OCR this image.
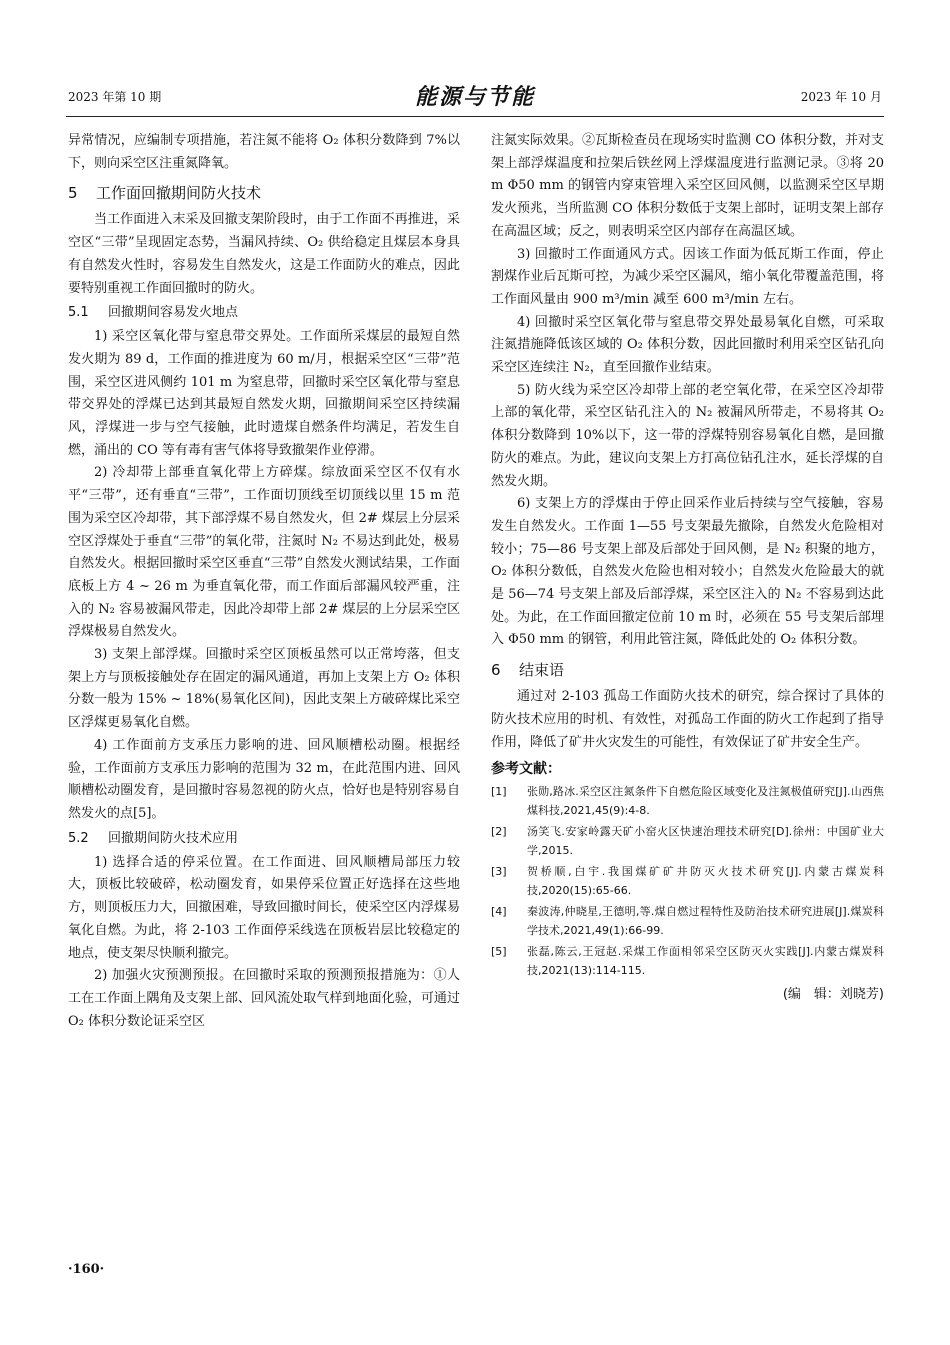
2023 年第 10 期	能源与节能	2023 年 10 月

异常情况，应编制专项措施，若注氮不能将 O₂ 体积分数降到 7%以下，则向采空区注重氮降氧。

5 工作面回撤期间防火技术

当工作面进入末采及回撤支架阶段时，由于工作面不再推进，采空区“三带”呈现固定态势，当漏风持续、O₂ 供给稳定且煤层本身具有自然发火性时，容易发生自然发火，这是工作面防火的难点，因此要特别重视工作面回撤时的防火。

5.1 回撤期间容易发火地点

1) 采空区氧化带与窒息带交界处。工作面所采煤层的最短自然发火期为 89 d，工作面的推进度为 60 m/月，根据采空区“三带”范围，采空区进风侧约 101 m 为窒息带，回撤时采空区氧化带与窒息带交界处的浮煤已达到其最短自然发火期，回撤期间采空区持续漏风，浮煤进一步与空气接触，此时遗煤自燃条件均满足，若发生自燃，涌出的 CO 等有毒有害气体将导致撤架作业停滞。

2) 冷却带上部垂直氧化带上方碎煤。综放面采空区不仅有水平“三带”，还有垂直“三带”，工作面切顶线至切顶线以里 15 m 范围为采空区冷却带，其下部浮煤不易自然发火，但 2# 煤层上分层采空区浮煤处于垂直“三带”的氧化带，注氮时 N₂ 不易达到此处，极易自然发火。根据回撤时采空区垂直“三带”自然发火测试结果，工作面底板上方 4 ~ 26 m 为垂直氧化带，而工作面后部漏风较严重，注入的 N₂ 容易被漏风带走，因此冷却带上部 2# 煤层的上分层采空区浮煤极易自然发火。

3) 支架上部浮煤。回撤时采空区顶板虽然可以正常垮落，但支架上方与顶板接触处存在固定的漏风通道，再加上支架上方 O₂ 体积分数一般为 15% ~ 18%(易氧化区间)，因此支架上方破碎煤比采空区浮煤更易氧化自燃。

4) 工作面前方支承压力影响的进、回风顺槽松动圈。根据经验，工作面前方支承压力影响的范围为 32 m，在此范围内进、回风顺槽松动圈发育，是回撤时容易忽视的防火点，恰好也是特别容易自然发火的点[5]。

5.2 回撤期间防火技术应用

1) 选择合适的停采位置。在工作面进、回风顺槽局部压力较大，顶板比较破碎，松动圈发育，如果停采位置正好选择在这些地方，则顶板压力大，回撤困难，导致回撤时间长，使采空区内浮煤易氧化自燃。为此，将 2-103 工作面停采线选在顶板岩层比较稳定的地点，使支架尽快顺利撤完。

2) 加强火灾预测预报。在回撤时采取的预测预报措施为：①人工在工作面上隅角及支架上部、回风流处取气样到地面化验，可通过 O₂ 体积分数论证采空区

注氮实际效果。②瓦斯检查员在现场实时监测 CO 体积分数，并对支架上部浮煤温度和拉架后铁丝网上浮煤温度进行监测记录。③将 20 m Φ50 mm 的钢管内穿束管埋入采空区回风侧，以监测采空区早期发火预兆，当所监测 CO 体积分数低于支架上部时，证明支架上部存在高温区域；反之，则表明采空区内部存在高温区域。

3) 回撤时工作面通风方式。因该工作面为低瓦斯工作面，停止割煤作业后瓦斯可控，为减少采空区漏风，缩小氧化带覆盖范围，将工作面风量由 900 m³/min 减至 600 m³/min 左右。

4) 回撤时采空区氧化带与窒息带交界处最易氧化自燃，可采取注氮措施降低该区域的 O₂ 体积分数，因此回撤时利用采空区钻孔向采空区连续注 N₂，直至回撤作业结束。

5) 防火线为采空区冷却带上部的老空氧化带，在采空区冷却带上部的氧化带，采空区钻孔注入的 N₂ 被漏风所带走，不易将其 O₂ 体积分数降到 10%以下，这一带的浮煤特别容易氧化自燃，是回撤防火的难点。为此，建议向支架上方打高位钻孔注水，延长浮煤的自然发火期。

6) 支架上方的浮煤由于停止回采作业后持续与空气接触，容易发生自然发火。工作面 1—55 号支架最先撤除，自然发火危险相对较小；75—86 号支架上部及后部处于回风侧，是 N₂ 积聚的地方，O₂ 体积分数低，自然发火危险也相对较小；自然发火危险最大的就是 56—74 号支架上部及后部浮煤，采空区注入的 N₂ 不容易到达此处。为此，在工作面回撤定位前 10 m 时，必须在 55 号支架后部埋入 Φ50 mm 的钢管，利用此管注氮，降低此处的 O₂ 体积分数。

6 结束语

通过对 2-103 孤岛工作面防火技术的研究，综合探讨了具体的防火技术应用的时机、有效性，对孤岛工作面的防火工作起到了指导作用，降低了矿井火灾发生的可能性，有效保证了矿井安全生产。

参考文献：
[1]	张勋,路冰.采空区注氮条件下自燃危险区域变化及注氮极值研究[J].山西焦煤科技,2021,45(9):4-8.
[2]	汤笑飞.安家岭露天矿小窑火区快速治理技术研究[D].徐州：中国矿业大学,2015.
[3]	贺桥顺,白宇.我国煤矿矿井防灭火技术研究[J].内蒙古煤炭科技,2020(15):65-66.
[4]	秦波涛,仲晓星,王德明,等.煤自燃过程特性及防治技术研究进展[J].煤炭科学技术,2021,49(1):66-99.
[5]	张磊,陈云,王冠赵.采煤工作面相邻采空区防灭火实践[J].内蒙古煤炭科技,2021(13):114-115.
(编　辑：刘晓芳)
·160·
